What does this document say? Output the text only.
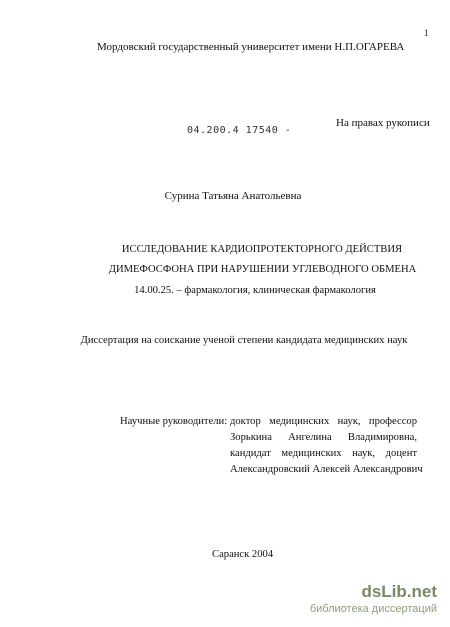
1
Мордовский государственный университет имени Н.П.ОГАРЕВА
04.200.4 17540 -
На правах рукописи
Сурина Татьяна Анатольевна
ИССЛЕДОВАНИЕ КАРДИОПРОТЕКТОРНОГО ДЕЙСТВИЯ
ДИМЕФОСФОНА ПРИ НАРУШЕНИИ УГЛЕВОДНОГО ОБМЕНА
14.00.25. – фармакология, клиническая фармакология
Диссертация на соискание ученой степени кандидата медицинских наук
Научные руководители: доктор медицинских наук, профессор
Зорькина Ангелина Владимировна,
кандидат медицинских наук, доцент
Александровский Алексей Александрович
Саранск 2004
dsLib.net
библиотека диссертаций
